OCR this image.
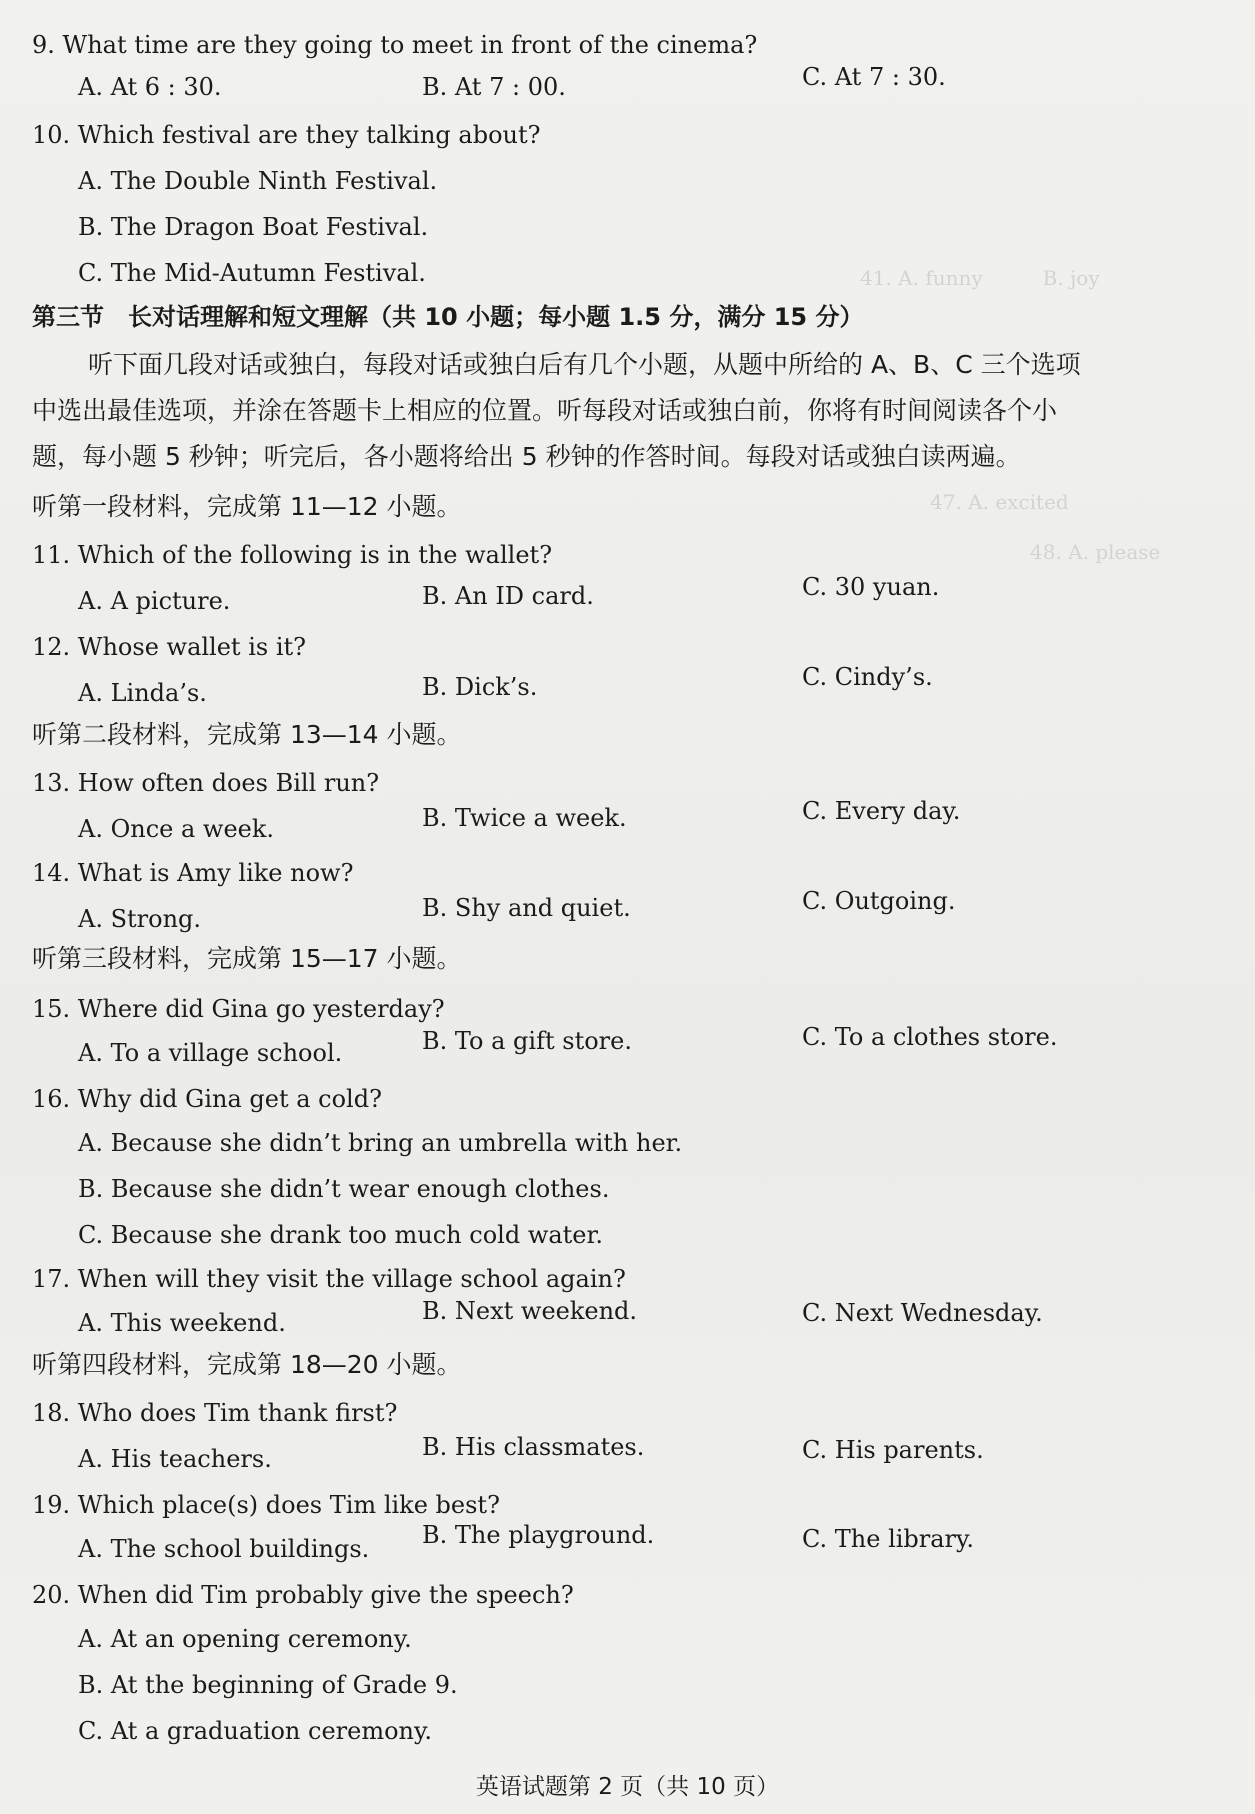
41. A. funny　　　B. joy
47. A. excited
48. A. please
9. What time are they going to meet in front of the cinema?
A. At 6 : 30.	B. At 7 : 00.	C. At 7 : 30.
10. Which festival are they talking about?
A. The Double Ninth Festival.
B. The Dragon Boat Festival.
C. The Mid-Autumn Festival.
第三节　长对话理解和短文理解（共 10 小题；每小题 1.5 分，满分 15 分）
听下面几段对话或独白，每段对话或独白后有几个小题，从题中所给的 A、B、C 三个选项
中选出最佳选项，并涂在答题卡上相应的位置。听每段对话或独白前，你将有时间阅读各个小
题，每小题 5 秒钟；听完后，各小题将给出 5 秒钟的作答时间。每段对话或独白读两遍。
听第一段材料，完成第 11—12 小题。
11. Which of the following is in the wallet?
A. A picture.	B. An ID card.	C. 30 yuan.
12. Whose wallet is it?
A. Linda’s.	B. Dick’s.	C. Cindy’s.
听第二段材料，完成第 13—14 小题。
13. How often does Bill run?
A. Once a week.	B. Twice a week.	C. Every day.
14. What is Amy like now?
A. Strong.	B. Shy and quiet.	C. Outgoing.
听第三段材料，完成第 15—17 小题。
15. Where did Gina go yesterday?
A. To a village school.	B. To a gift store.	C. To a clothes store.
16. Why did Gina get a cold?
A. Because she didn’t bring an umbrella with her.
B. Because she didn’t wear enough clothes.
C. Because she drank too much cold water.
17. When will they visit the village school again?
A. This weekend.	B. Next weekend.	C. Next Wednesday.
听第四段材料，完成第 18—20 小题。
18. Who does Tim thank first?
A. His teachers.	B. His classmates.	C. His parents.
19. Which place(s) does Tim like best?
A. The school buildings. B. The playground.	C. The library.
20. When did Tim probably give the speech?
A. At an opening ceremony.
B. At the beginning of Grade 9.
C. At a graduation ceremony.
英语试题第 2 页（共 10 页）
